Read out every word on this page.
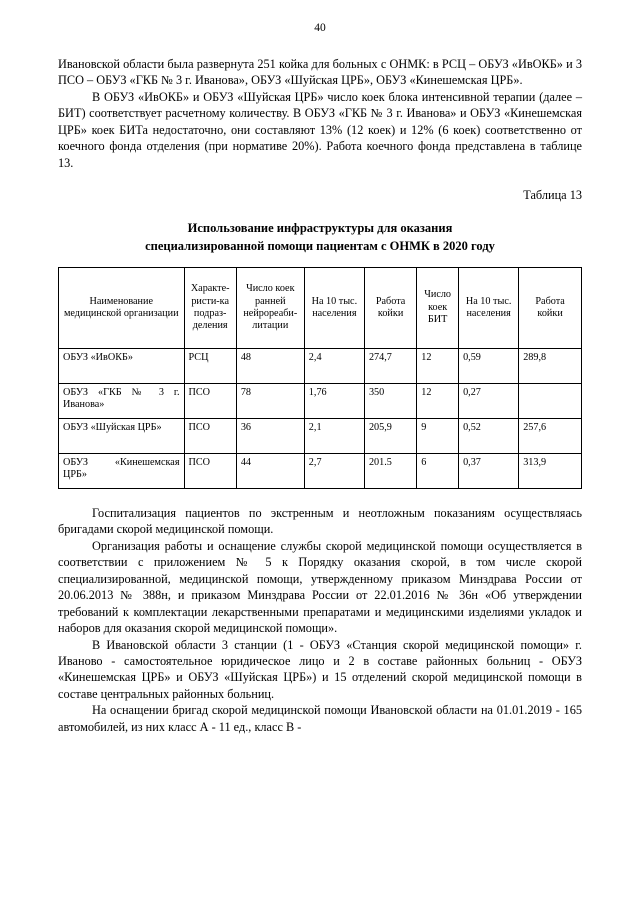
40

Ивановской области была развернута 251 койка для больных с ОНМК: в РСЦ – ОБУЗ «ИвОКБ» и 3 ПСО – ОБУЗ «ГКБ № 3 г. Иванова», ОБУЗ «Шуйская ЦРБ», ОБУЗ «Кинешемская ЦРБ».

В ОБУЗ «ИвОКБ» и ОБУЗ «Шуйская ЦРБ» число коек блока интенсивной терапии (далее – БИТ) соответствует расчетному количеству. В ОБУЗ «ГКБ № 3 г. Иванова» и ОБУЗ «Кинешемская ЦРБ» коек БИТа недостаточно, они составляют 13% (12 коек) и 12% (6 коек) соответственно от коечного фонда отделения (при нормативе 20%). Работа коечного фонда представлена в таблице 13.

Таблица 13
Использование инфраструктуры для оказания
специализированной помощи пациентам с ОНМК в 2020 году
Наименование медицинской организации	Характе-ристи-ка подраз-деления	Число коек ранней нейрореаби-литации	На 10 тыс. населения	Работа койки	Число коек БИТ	На 10 тыс. населения	Работа койки
ОБУЗ «ИвОКБ»	РСЦ	48	2,4	274,7	12	0,59	289,8
ОБУЗ «ГКБ № 3 г. Иванова»	ПСО	78	1,76	350	12	0,27	
ОБУЗ «Шуйская ЦРБ»	ПСО	36	2,1	205,9	9	0,52	257,6
ОБУЗ «Кинешемская ЦРБ»	ПСО	44	2,7	201.5	6	0,37	313,9

Госпитализация пациентов по экстренным и неотложным показаниям осуществляась бригадами скорой медицинской помощи.

Организация работы и оснащение службы скорой медицинской помощи осуществляется в соответствии с приложением № 5 к Порядку оказания скорой, в том числе скорой специализированной, медицинской помощи, утвержденному приказом Минздрава России от 20.06.2013 № 388н, и приказом Минздрава России от 22.01.2016 № 36н «Об утверждении требований к комплектации лекарственными препаратами и медицинскими изделиями укладок и наборов для оказания скорой медицинской помощи».

В Ивановской области 3 станции (1 - ОБУЗ «Станция скорой медицинской помощи» г. Иваново - самостоятельное юридическое лицо и 2 в составе районных больниц - ОБУЗ «Кинешемская ЦРБ» и ОБУЗ «Шуйская ЦРБ») и 15 отделений скорой медицинской помощи в составе центральных районных больниц.

На оснащении бригад скорой медицинской помощи Ивановской области на 01.01.2019 - 165 автомобилей, из них класс А - 11 ед., класс В -
